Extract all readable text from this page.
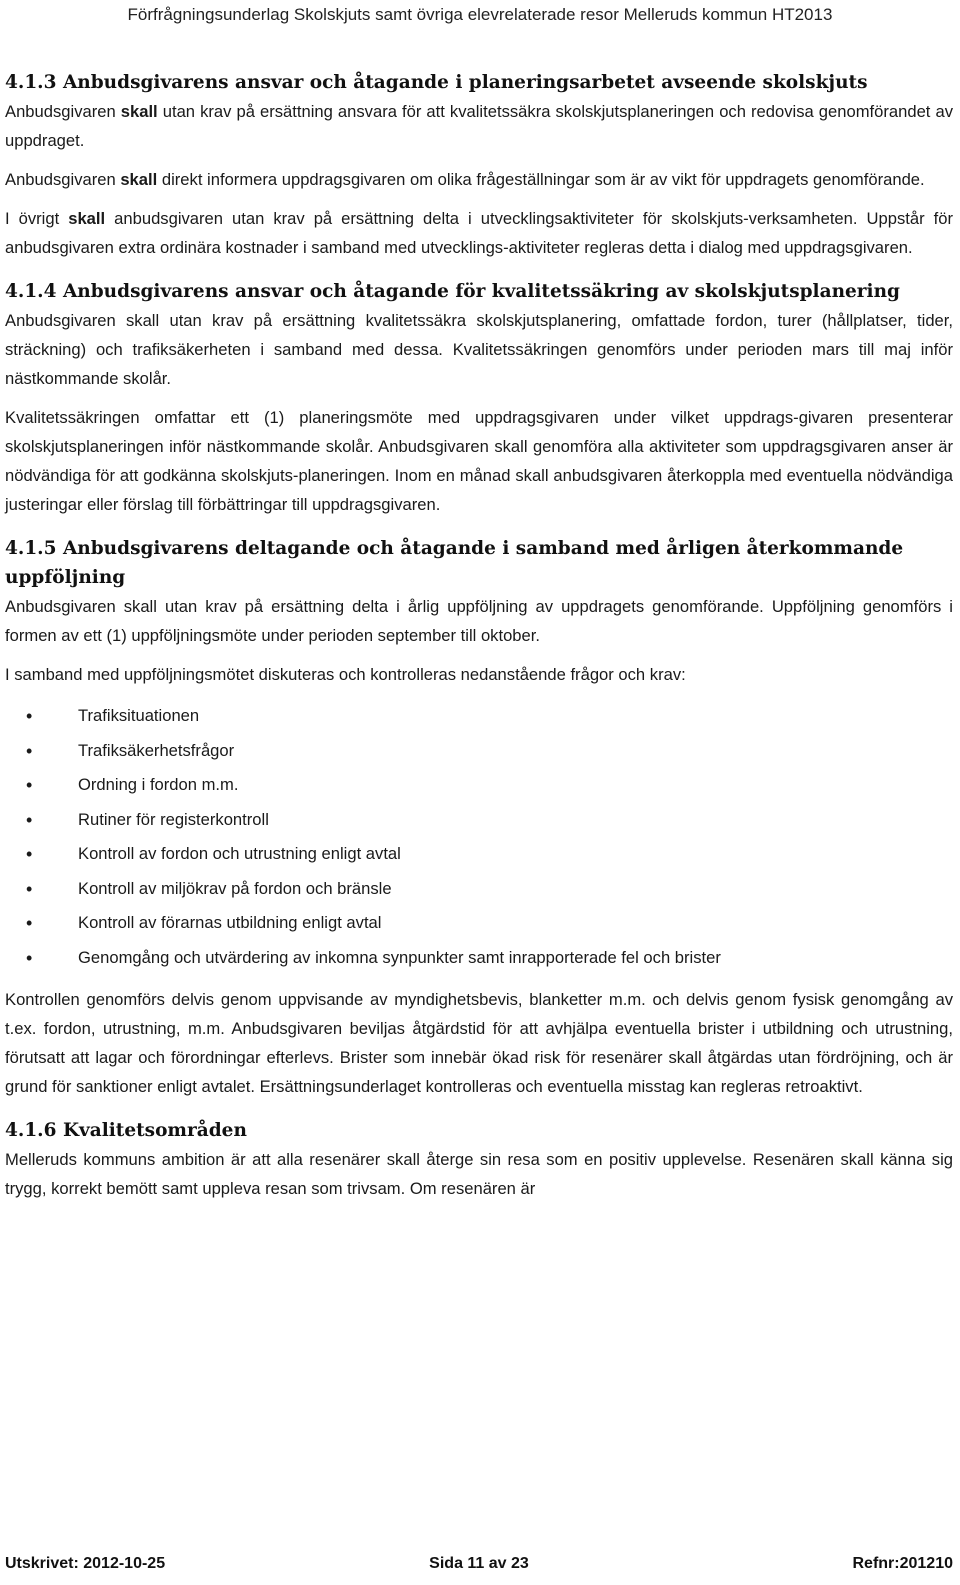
Förfrågningsunderlag Skolskjuts samt övriga elevrelaterade resor Melleruds kommun HT2013
4.1.3 Anbudsgivarens ansvar och åtagande i planeringsarbetet avseende skolskjuts

Anbudsgivaren skall utan krav på ersättning ansvara för att kvalitetssäkra skolskjutsplaneringen och redovisa genomförandet av uppdraget.

Anbudsgivaren skall direkt informera uppdragsgivaren om olika frågeställningar som är av vikt för uppdragets genomförande.

I övrigt skall anbudsgivaren utan krav på ersättning delta i utvecklingsaktiviteter för skolskjuts-verksamheten. Uppstår för anbudsgivaren extra ordinära kostnader i samband med utvecklings-aktiviteter regleras detta i dialog med uppdragsgivaren.

4.1.4 Anbudsgivarens ansvar och åtagande för kvalitetssäkring av skolskjutsplanering

Anbudsgivaren skall utan krav på ersättning kvalitetssäkra skolskjutsplanering, omfattade fordon, turer (hållplatser, tider, sträckning) och trafiksäkerheten i samband med dessa. Kvalitetssäkringen genomförs under perioden mars till maj inför nästkommande skolår.

Kvalitetssäkringen omfattar ett (1) planeringsmöte med uppdragsgivaren under vilket uppdrags-givaren presenterar skolskjutsplaneringen inför nästkommande skolår. Anbudsgivaren skall genomföra alla aktiviteter som uppdragsgivaren anser är nödvändiga för att godkänna skolskjuts-planeringen. Inom en månad skall anbudsgivaren återkoppla med eventuella nödvändiga justeringar eller förslag till förbättringar till uppdragsgivaren.

4.1.5 Anbudsgivarens deltagande och åtagande i samband med årligen återkommande uppföljning

Anbudsgivaren skall utan krav på ersättning delta i årlig uppföljning av uppdragets genomförande. Uppföljning genomförs i formen av ett (1) uppföljningsmöte under perioden september till oktober.

I samband med uppföljningsmötet diskuteras och kontrolleras nedanstående frågor och krav:

• Trafiksituationen
• Trafiksäkerhetsfrågor
• Ordning i fordon m.m.
• Rutiner för registerkontroll
• Kontroll av fordon och utrustning enligt avtal
• Kontroll av miljökrav på fordon och bränsle
• Kontroll av förarnas utbildning enligt avtal
• Genomgång och utvärdering av inkomna synpunkter samt inrapporterade fel och brister

Kontrollen genomförs delvis genom uppvisande av myndighetsbevis, blanketter m.m. och delvis genom fysisk genomgång av t.ex. fordon, utrustning, m.m. Anbudsgivaren beviljas åtgärdstid för att avhjälpa eventuella brister i utbildning och utrustning, förutsatt att lagar och förordningar efterlevs. Brister som innebär ökad risk för resenärer skall åtgärdas utan fördröjning, och är grund för sanktioner enligt avtalet. Ersättningsunderlaget kontrolleras och eventuella misstag kan regleras retroaktivt.

4.1.6 Kvalitetsområden

Melleruds kommuns ambition är att alla resenärer skall återge sin resa som en positiv upplevelse. Resenären skall känna sig trygg, korrekt bemött samt uppleva resan som trivsam. Om resenären är

Utskrivet: 2012-10-25	Sida 11 av 23	Refnr:201210
